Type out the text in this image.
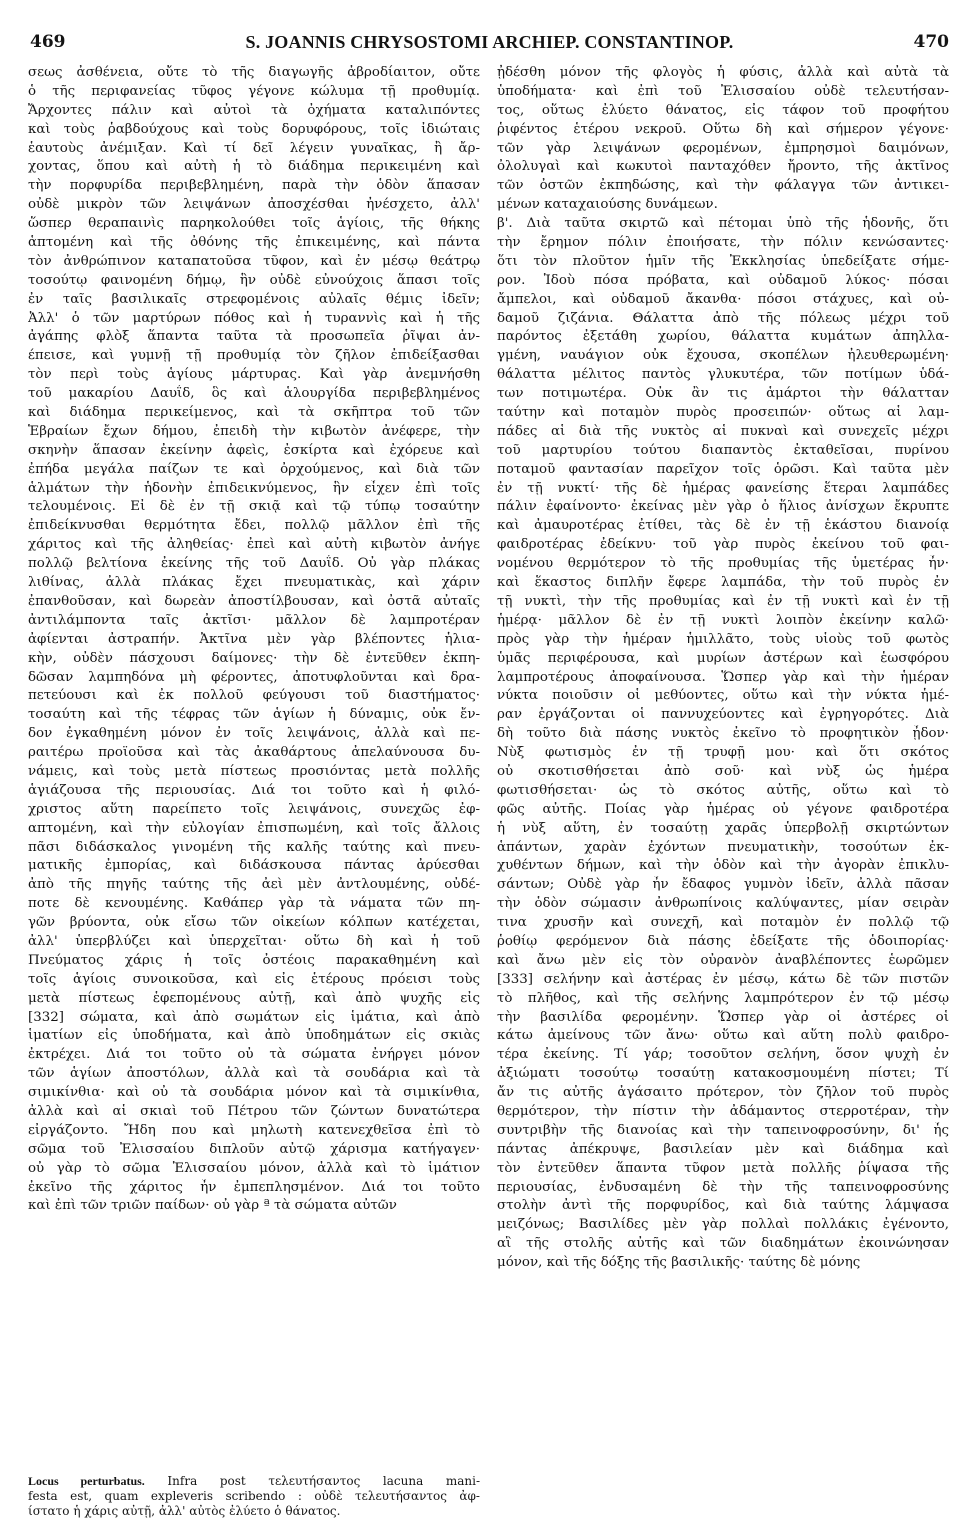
469	S. JOANNIS CHRYSOSTOMI ARCHIEP. CONSTANTINOP.	470
σεως ἀσθένεια, οὔτε τὸ τῆς διαγωγῆς ἀβροδίαιτον, οὔτε
ὁ τῆς περιφανείας τῦφος γέγονε κώλυμα τῇ προθυμίᾳ.
Ἄρχοντες πάλιν καὶ αὐτοὶ τὰ ὀχήματα καταλιπόντες
καὶ τοὺς ῥαβδούχους καὶ τοὺς δορυφόρους, τοῖς ἰδιώταις
ἑαυτοὺς ἀνέμιξαν. Καὶ τί δεῖ λέγειν γυναῖκας, ἢ ἄρ-
χοντας, ὅπου καὶ αὐτὴ ἡ τὸ διάδημα περικειμένη καὶ
τὴν πορφυρίδα περιβεβλημένη, παρὰ τὴν ὁδὸν ἅπασαν
οὐδὲ μικρὸν τῶν λειψάνων ἀποσχέσθαι ἠνέσχετο, ἀλλ'
ὥσπερ θεραπαινὶς παρηκολούθει τοῖς ἁγίοις, τῆς θήκης
ἁπτομένη καὶ τῆς ὀθόνης τῆς ἐπικειμένης, καὶ πάντα
τὸν ἀνθρώπινον καταπατοῦσα τῦφον, καὶ ἐν μέσῳ θεάτρῳ
τοσούτῳ φαινομένη δήμῳ, ἣν οὐδὲ εὐνούχοις ἅπασι τοῖς
ἐν ταῖς βασιλικαῖς στρεφομένοις αὐλαῖς θέμις ἰδεῖν;
Ἀλλ' ὁ τῶν μαρτύρων πόθος καὶ ἡ τυραννὶς καὶ ἡ τῆς
ἀγάπης φλὸξ ἅπαντα ταῦτα τὰ προσωπεῖα ῥῖψαι ἀν-
έπεισε, καὶ γυμνῇ τῇ προθυμίᾳ τὸν ζῆλον ἐπιδείξασθαι
τὸν περὶ τοὺς ἁγίους μάρτυρας. Καὶ γὰρ ἀνεμνήσθη
τοῦ μακαρίου Δαυΐδ, ὃς καὶ ἁλουργίδα περιβεβλημένος
καὶ διάδημα περικείμενος, καὶ τὰ σκῆπτρα τοῦ τῶν
Ἑβραίων ἔχων δήμου, ἐπειδὴ τὴν κιβωτὸν ἀνέφερε, τὴν
σκηνὴν ἅπασαν ἐκείνην ἀφεὶς, ἐσκίρτα καὶ ἐχόρευε καὶ
ἐπήδα μεγάλα παίζων τε καὶ ὀρχούμενος, καὶ διὰ τῶν
ἁλμάτων τὴν ἡδονὴν ἐπιδεικνύμενος, ἣν εἶχεν ἐπὶ τοῖς
τελουμένοις. Εἰ δὲ ἐν τῇ σκιᾷ καὶ τῷ τύπῳ τοσαύτην
ἐπιδείκνυσθαι θερμότητα ἔδει, πολλῷ μᾶλλον ἐπὶ τῆς
χάριτος καὶ τῆς ἀληθείας· ἐπεὶ καὶ αὐτὴ κιβωτὸν ἀνήγε
πολλῷ βελτίονα ἐκείνης τῆς τοῦ Δαυΐδ. Οὐ γὰρ πλάκας
λιθίνας, ἀλλὰ πλάκας ἔχει πνευματικὰς, καὶ χάριν
ἐπανθοῦσαν, καὶ δωρεὰν ἀποστίλβουσαν, καὶ ὀστᾶ αὐταῖς
ἀντιλάμποντα ταῖς ἀκτῖσι· μᾶλλον δὲ λαμπροτέραν
ἀφίενται ἀστραπήν. Ἀκτῖνα μὲν γὰρ βλέποντες ἡλια-
κὴν, οὐδὲν πάσχουσι δαίμονες· τὴν δὲ ἐντεῦθεν ἐκπη-
δῶσαν λαμπηδόνα μὴ φέροντες, ἀποτυφλοῦνται καὶ δρα-
πετεύουσι καὶ ἐκ πολλοῦ φεύγουσι τοῦ διαστήματος·
τοσαύτη καὶ τῆς τέφρας τῶν ἁγίων ἡ δύναμις, οὐκ ἔν-
δον ἐγκαθημένη μόνον ἐν τοῖς λειψάνοις, ἀλλὰ καὶ πε-
ραιτέρω προϊοῦσα καὶ τὰς ἀκαθάρτους ἀπελαύνουσα δυ-
νάμεις, καὶ τοὺς μετὰ πίστεως προσιόντας μετὰ πολλῆς
ἁγιάζουσα τῆς περιουσίας. Διά τοι τοῦτο καὶ ἡ φιλό-
χριστος αὕτη παρείπετο τοῖς λειψάνοις, συνεχῶς ἐφ-
απτομένη, καὶ τὴν εὐλογίαν ἐπισπωμένη, καὶ τοῖς ἄλλοις
πᾶσι διδάσκαλος γινομένη τῆς καλῆς ταύτης καὶ πνευ-
ματικῆς ἐμπορίας, καὶ διδάσκουσα πάντας ἀρύεσθαι
ἀπὸ τῆς πηγῆς ταύτης τῆς ἀεὶ μὲν ἀντλουμένης, οὐδέ-
ποτε δὲ κενουμένης. Καθάπερ γὰρ τὰ νάματα τῶν πη-
γῶν βρύοντα, οὐκ εἴσω τῶν οἰκείων κόλπων κατέχεται,
ἀλλ' ὑπερβλύζει καὶ ὑπερχεῖται· οὕτω δὴ καὶ ἡ τοῦ
Πνεύματος χάρις ἡ τοῖς ὀστέοις παρακαθημένη καὶ
τοῖς ἁγίοις συνοικοῦσα, καὶ εἰς ἑτέρους πρόεισι τοὺς
μετὰ πίστεως ἑφεπομένους αὐτῇ, καὶ ἀπὸ ψυχῆς εἰς
[332] σώματα, καὶ ἀπὸ σωμάτων εἰς ἱμάτια, καὶ ἀπὸ
ἱματίων εἰς ὑποδήματα, καὶ ἀπὸ ὑποδημάτων εἰς σκιὰς
ἐκτρέχει. Διά τοι τοῦτο οὐ τὰ σώματα ἐνήργει μόνον
τῶν ἁγίων ἀποστόλων, ἀλλὰ καὶ τὰ σουδάρια καὶ τὰ
σιμικίνθια· καὶ οὐ τὰ σουδάρια μόνον καὶ τὰ σιμικίνθια,
ἀλλὰ καὶ αἱ σκιαὶ τοῦ Πέτρου τῶν ζώντων δυνατώτερα
εἰργάζοντο. Ἤδη που καὶ μηλωτὴ κατενεχθεῖσα ἐπὶ τὸ
σῶμα τοῦ Ἐλισσαίου διπλοῦν αὐτῷ χάρισμα κατήγαγεν·
οὐ γὰρ τὸ σῶμα Ἐλισσαίου μόνον, ἀλλὰ καὶ τὸ ἱμάτιον
ἐκεῖνο τῆς χάριτος ἦν ἐμπεπλησμένον. Διά τοι τοῦτο
καὶ ἐπὶ τῶν τριῶν παίδων· οὐ γὰρ ª τὰ σώματα αὐτῶν
ᾐδέσθη μόνον τῆς φλογὸς ἡ φύσις, ἀλλὰ καὶ αὐτὰ τὰ
ὑποδήματα· καὶ ἐπὶ τοῦ Ἐλισσαίου οὐδὲ τελευτήσαν-
τος, οὕτως ἐλύετο θάνατος, εἰς τάφον τοῦ προφήτου
ῥιφέντος ἑτέρου νεκροῦ. Οὕτω δὴ καὶ σήμερον γέγονε·
τῶν γὰρ λειψάνων φερομένων, ἐμπρησμοὶ δαιμόνων,
ὀλολυγαὶ καὶ κωκυτοὶ πανταχόθεν ἤροντο, τῆς ἀκτῖνος
τῶν ὀστῶν ἐκπηδώσης, καὶ τὴν φάλαγγα τῶν ἀντικει-
μένων καταχαιούσης δυνάμεων.
β'. Διὰ ταῦτα σκιρτῶ καὶ πέτομαι ὑπὸ τῆς ἡδονῆς, ὅτι
τὴν ἔρημον πόλιν ἐποιήσατε, τὴν πόλιν κενώσαντες·
ὅτι τὸν πλοῦτον ἡμῖν τῆς Ἐκκλησίας ὑπεδείξατε σήμε-
ρον. Ἰδοὺ πόσα πρόβατα, καὶ οὐδαμοῦ λύκος· πόσαι
ἄμπελοι, καὶ οὐδαμοῦ ἄκανθα· πόσοι στάχυες, καὶ οὐ-
δαμοῦ ζιζάνια. Θάλαττα ἀπὸ τῆς πόλεως μέχρι τοῦ
παρόντος ἐξετάθη χωρίου, θάλαττα κυμάτων ἀπηλλα-
γμένη, ναυάγιον οὐκ ἔχουσα, σκοπέλων ἠλευθερωμένη·
θάλαττα μέλιτος παντὸς γλυκυτέρα, τῶν ποτίμων ὑδά-
των ποτιμωτέρα. Οὐκ ἂν τις ἁμάρτοι τὴν θάλατταν
ταύτην καὶ ποταμὸν πυρὸς προσειπών· οὕτως αἱ λαμ-
πάδες αἱ διὰ τῆς νυκτὸς αἱ πυκναὶ καὶ συνεχεῖς μέχρι
τοῦ μαρτυρίου τούτου διαπαντὸς ἐκταθεῖσαι, πυρίνου
ποταμοῦ φαντασίαν παρεῖχον τοῖς ὁρῶσι. Καὶ ταῦτα μὲν
ἐν τῇ νυκτί· τῆς δὲ ἡμέρας φανείσης ἕτεραι λαμπάδες
πάλιν ἐφαίνοντο· ἐκείνας μὲν γὰρ ὁ ἥλιος ἀνίσχων ἔκρυπτε
καὶ ἀμαυροτέρας ἐτίθει, τὰς δὲ ἐν τῇ ἑκάστου διανοίᾳ
φαιδροτέρας ἐδείκνυ· τοῦ γὰρ πυρὸς ἐκείνου τοῦ φαι-
νομένου θερμότερον τὸ τῆς προθυμίας τῆς ὑμετέρας ἦν·
καὶ ἕκαστος διπλῆν ἔφερε λαμπάδα, τὴν τοῦ πυρὸς ἐν
τῇ νυκτὶ, τὴν τῆς προθυμίας καὶ ἐν τῇ νυκτὶ καὶ ἐν τῇ
ἡμέρᾳ· μᾶλλον δὲ ἐν τῇ νυκτὶ λοιπὸν ἐκείνην καλῶ·
πρὸς γὰρ τὴν ἡμέραν ἡμιλλᾶτο, τοὺς υἱοὺς τοῦ φωτὸς
ὑμᾶς περιφέρουσα, καὶ μυρίων ἀστέρων καὶ ἑωσφόρου
λαμπροτέρους ἀποφαίνουσα. Ὥσπερ γὰρ καὶ τὴν ἡμέραν
νύκτα ποιοῦσιν οἱ μεθύοντες, οὕτω καὶ τὴν νύκτα ἡμέ-
ραν ἐργάζονται οἱ παννυχεύοντες καὶ ἐγρηγορότες. Διὰ
δὴ τοῦτο διὰ πάσης νυκτὸς ἐκεῖνο τὸ προφητικὸν ᾖδον·
Νὺξ φωτισμὸς ἐν τῇ τρυφῇ μου· καὶ ὅτι σκότος
οὐ σκοτισθήσεται ἀπὸ σοῦ· καὶ νὺξ ὡς ἡμέρα
φωτισθήσεται· ὡς τὸ σκότος αὐτῆς, οὕτω καὶ τὸ
φῶς αὐτῆς. Ποίας γὰρ ἡμέρας οὐ γέγονε φαιδροτέρα
ἡ νὺξ αὕτη, ἐν τοσαύτῃ χαρᾶς ὑπερβολῇ σκιρτώντων
ἁπάντων, χαρὰν ἐχόντων πνευματικὴν, τοσούτων ἐκ-
χυθέντων δήμων, καὶ τὴν ὁδὸν καὶ τὴν ἀγορὰν ἐπικλυ-
σάντων; Οὐδὲ γὰρ ἦν ἔδαφος γυμνὸν ἰδεῖν, ἀλλὰ πᾶσαν
τὴν ὁδὸν σώμασιν ἀνθρωπίνοις καλύψαντες, μίαν σειρὰν
τινα χρυσῆν καὶ συνεχῆ, καὶ ποταμὸν ἐν πολλῷ τῷ
ῥοθίῳ φερόμενον διὰ πάσης ἐδείξατε τῆς ὁδοιπορίας·
καὶ ἄνω μὲν εἰς τὸν οὐρανὸν ἀναβλέποντες ἑωρῶμεν
[333] σελήνην καὶ ἀστέρας ἐν μέσῳ, κάτω δὲ τῶν πιστῶν
τὸ πλῆθος, καὶ τῆς σελήνης λαμπρότερον ἐν τῷ μέσῳ
τὴν βασιλίδα φερομένην. Ὥσπερ γὰρ οἱ ἀστέρες οἱ
κάτω ἀμείνους τῶν ἄνω· οὕτω καὶ αὕτη πολὺ φαιδρο-
τέρα ἐκείνης. Τί γάρ; τοσοῦτον σελήνη, ὅσον ψυχὴ ἐν
ἀξιώματι τοσούτῳ τοσαύτῃ κατακοσμουμένη πίστει; Τί
ἄν τις αὐτῆς ἀγάσαιτο πρότερον, τὸν ζῆλον τοῦ πυρὸς
θερμότερον, τὴν πίστιν τὴν ἀδάμαντος στερροτέραν, τὴν
συντριβὴν τῆς διανοίας καὶ τὴν ταπεινοφροσύνην, δι' ἧς
πάντας ἀπέκρυψε, βασιλείαν μὲν καὶ διάδημα καὶ
τὸν ἐντεῦθεν ἅπαντα τῦφον μετὰ πολλῆς ῥίψασα τῆς
περιουσίας, ἐνδυσαμένη δὲ τὴν τῆς ταπεινοφροσύνης
στολὴν ἀντὶ τῆς πορφυρίδος, καὶ διὰ ταύτης λάμψασα
μειζόνως; Βασιλίδες μὲν γὰρ πολλαὶ πολλάκις ἐγένοντο,
αἳ τῆς στολῆς αὐτῆς καὶ τῶν διαδημάτων ἐκοινώνησαν
μόνον, καὶ τῆς δόξης τῆς βασιλικῆς· ταύτης δὲ μόνης
Locus perturbatus. Infra post τελευτήσαντος lacuna mani-
festa est, quam expleveris scribendo : οὐδὲ τελευτήσαντος ἀφ-
ίστατο ἡ χάρις αὐτῇ, ἀλλ' αὐτὸς ἐλύετο ὁ θάνατος.
